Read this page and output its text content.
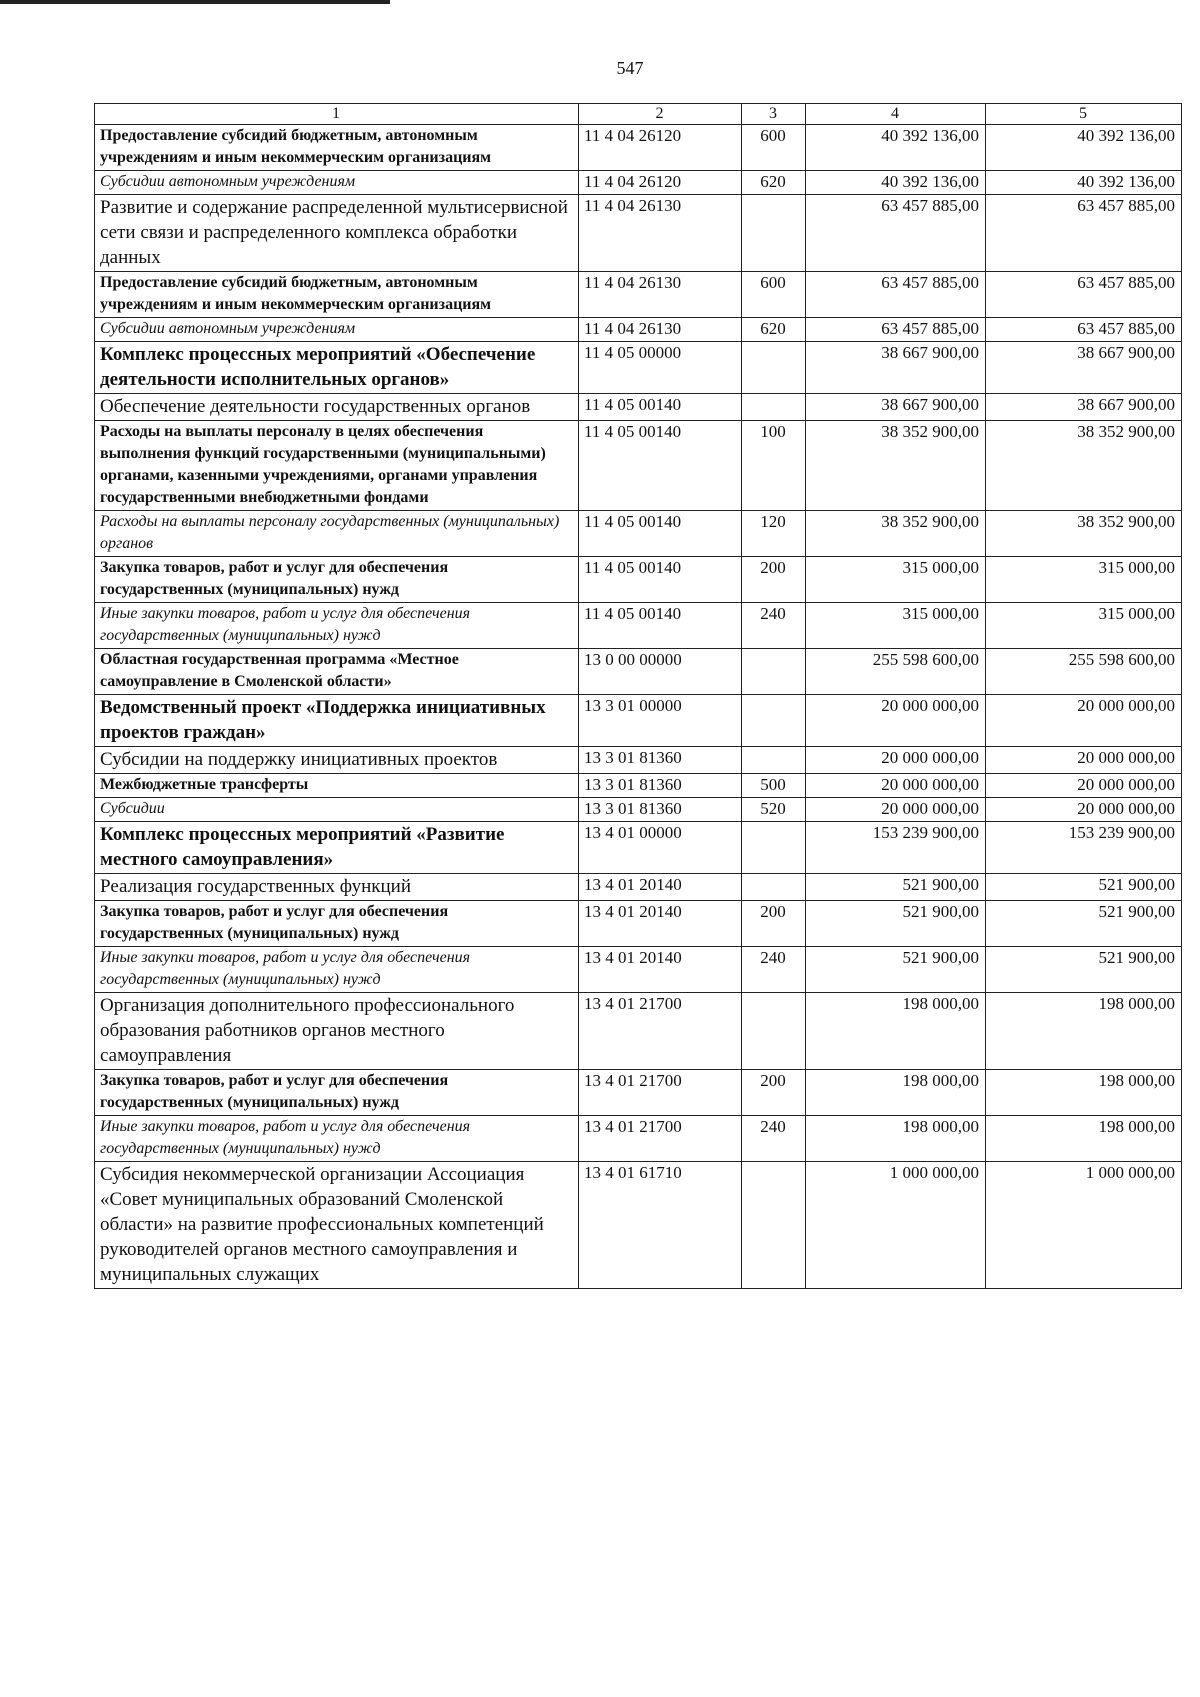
547
1	2	3	4	5
Предоставление субсидий бюджетным, автономным учреждениям и иным некоммерческим организациям	11 4 04 26120	600	40 392 136,00	40 392 136,00
Субсидии автономным учреждениям	11 4 04 26120	620	40 392 136,00	40 392 136,00
Развитие и содержание распределенной мультисервисной сети связи и распределенного комплекса обработки данных	11 4 04 26130		63 457 885,00	63 457 885,00
Предоставление субсидий бюджетным, автономным учреждениям и иным некоммерческим организациям	11 4 04 26130	600	63 457 885,00	63 457 885,00
Субсидии автономным учреждениям	11 4 04 26130	620	63 457 885,00	63 457 885,00
Комплекс процессных мероприятий «Обеспечение деятельности исполнительных органов»	11 4 05 00000		38 667 900,00	38 667 900,00
Обеспечение деятельности государственных органов	11 4 05 00140		38 667 900,00	38 667 900,00
Расходы на выплаты персоналу в целях обеспечения выполнения функций государственными (муниципальными) органами, казенными учреждениями, органами управления государственными внебюджетными фондами	11 4 05 00140	100	38 352 900,00	38 352 900,00
Расходы на выплаты персоналу государственных (муниципальных) органов	11 4 05 00140	120	38 352 900,00	38 352 900,00
Закупка товаров, работ и услуг для обеспечения государственных (муниципальных) нужд	11 4 05 00140	200	315 000,00	315 000,00
Иные закупки товаров, работ и услуг для обеспечения государственных (муниципальных) нужд	11 4 05 00140	240	315 000,00	315 000,00
Областная государственная программа «Местное самоуправление в Смоленской области»	13 0 00 00000		255 598 600,00	255 598 600,00
Ведомственный проект «Поддержка инициативных проектов граждан»	13 3 01 00000		20 000 000,00	20 000 000,00
Субсидии на поддержку инициативных проектов	13 3 01 81360		20 000 000,00	20 000 000,00
Межбюджетные трансферты	13 3 01 81360	500	20 000 000,00	20 000 000,00
Субсидии	13 3 01 81360	520	20 000 000,00	20 000 000,00
Комплекс процессных мероприятий «Развитие местного самоуправления»	13 4 01 00000		153 239 900,00	153 239 900,00
Реализация государственных функций	13 4 01 20140		521 900,00	521 900,00
Закупка товаров, работ и услуг для обеспечения государственных (муниципальных) нужд	13 4 01 20140	200	521 900,00	521 900,00
Иные закупки товаров, работ и услуг для обеспечения государственных (муниципальных) нужд	13 4 01 20140	240	521 900,00	521 900,00
Организация дополнительного профессионального образования работников органов местного самоуправления	13 4 01 21700		198 000,00	198 000,00
Закупка товаров, работ и услуг для обеспечения государственных (муниципальных) нужд	13 4 01 21700	200	198 000,00	198 000,00
Иные закупки товаров, работ и услуг для обеспечения государственных (муниципальных) нужд	13 4 01 21700	240	198 000,00	198 000,00
Субсидия некоммерческой организации Ассоциация «Совет муниципальных образований Смоленской области» на развитие профессиональных компетенций руководителей органов местного самоуправления и муниципальных служащих	13 4 01 61710		1 000 000,00	1 000 000,00
